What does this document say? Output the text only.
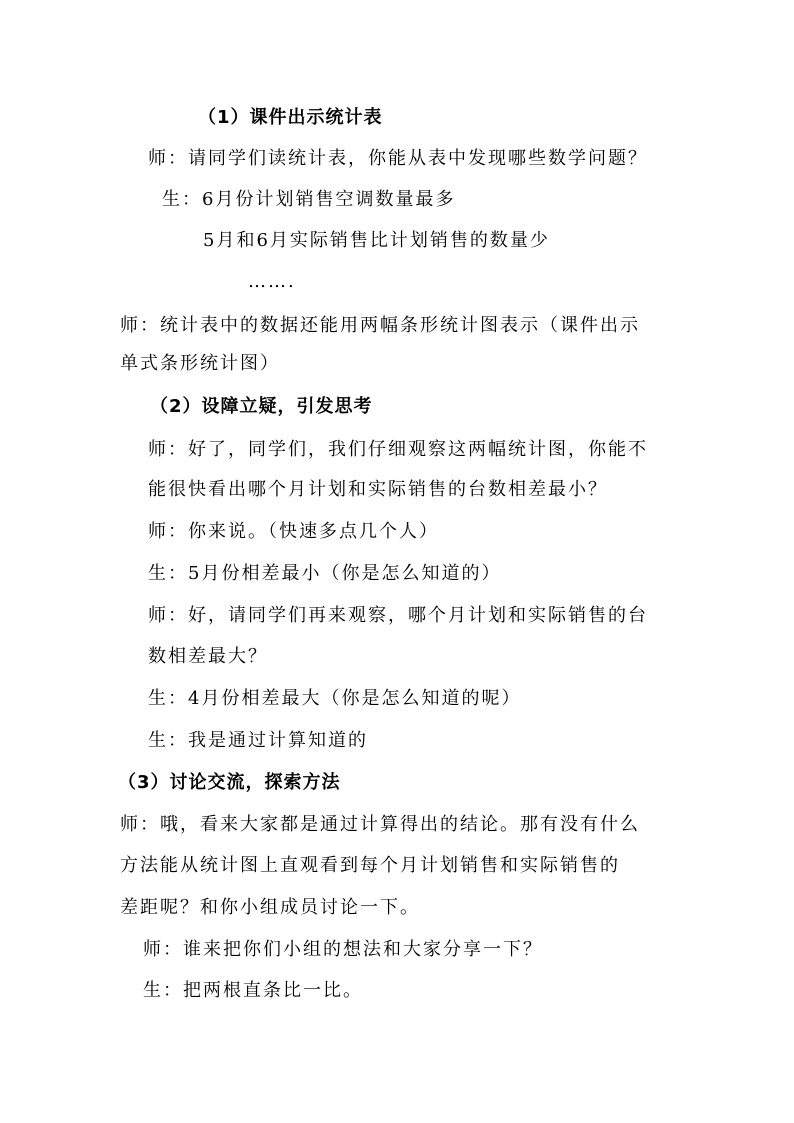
（1）课件出示统计表
师：请同学们读统计表，你能从表中发现哪些数学问题？
生：6月份计划销售空调数量最多
5月和6月实际销售比计划销售的数量少
…….
师：统计表中的数据还能用两幅条形统计图表示（课件出示
单式条形统计图）
（2）设障立疑，引发思考
师：好了，同学们，我们仔细观察这两幅统计图，你能不
能很快看出哪个月计划和实际销售的台数相差最小？
师：你来说。（快速多点几个人）
生：5月份相差最小（你是怎么知道的）
师：好，请同学们再来观察，哪个月计划和实际销售的台
数相差最大？
生：4月份相差最大（你是怎么知道的呢）
生：我是通过计算知道的
（3）讨论交流，探索方法
师：哦，看来大家都是通过计算得出的结论。那有没有什么
方法能从统计图上直观看到每个月计划销售和实际销售的
差距呢？和你小组成员讨论一下。
师：谁来把你们小组的想法和大家分享一下？
生：把两根直条比一比。
